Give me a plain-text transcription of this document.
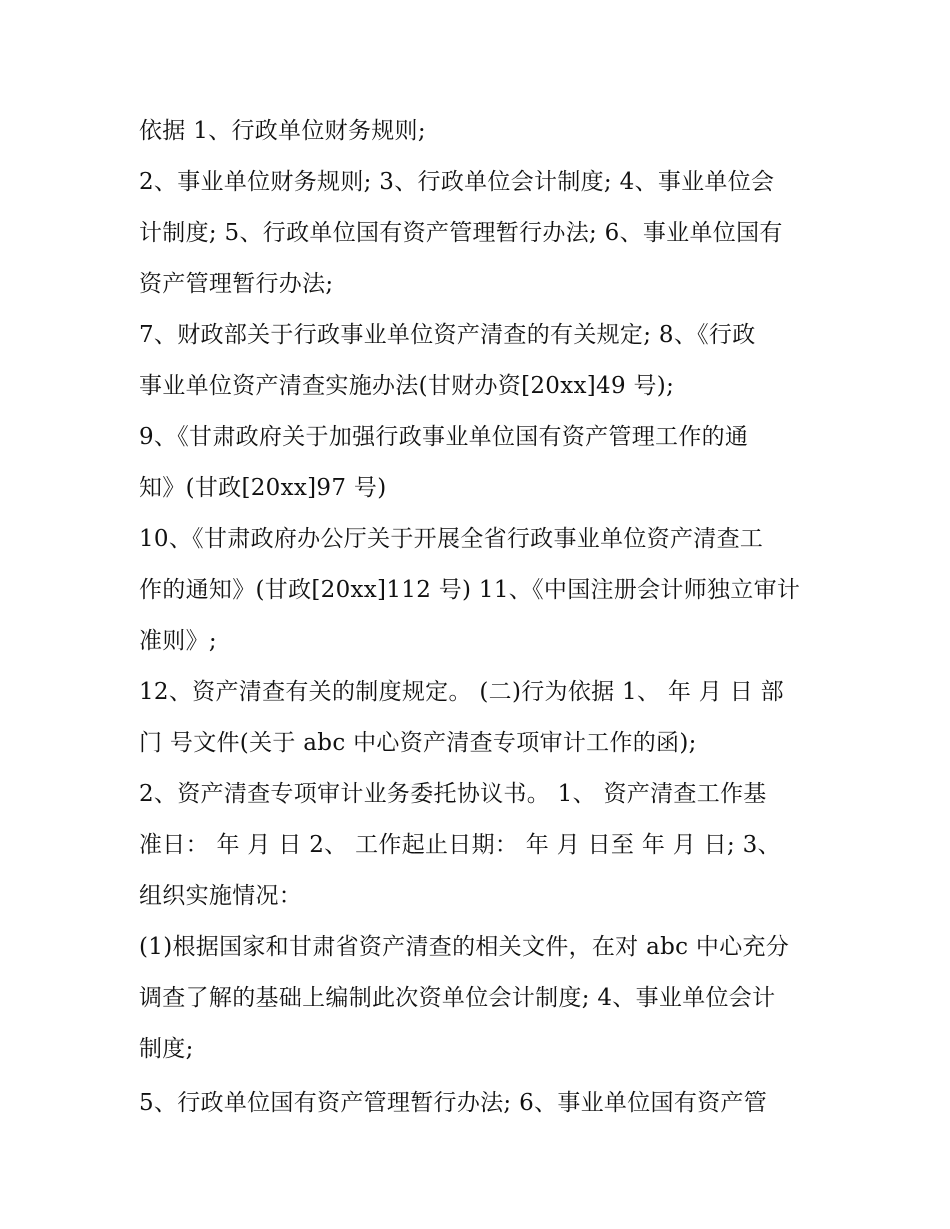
依据 1、行政单位财务规则;
2、事业单位财务规则; 3、行政单位会计制度; 4、事业单位会
计制度; 5、行政单位国有资产管理暂行办法; 6、事业单位国有
资产管理暂行办法;
7、财政部关于行政事业单位资产清查的有关规定; 8、《行政
事业单位资产清查实施办法(甘财办资[20xx]49 号);
9、《甘肃政府关于加强行政事业单位国有资产管理工作的通
知》(甘政[20xx]97 号)
10、《甘肃政府办公厅关于开展全省行政事业单位资产清查工
作的通知》(甘政[20xx]112 号) 11、《中国注册会计师独立审计
准则》;
12、资产清查有关的制度规定。 (二)行为依据 1、 年 月 日 部
门 号文件(关于 abc 中心资产清查专项审计工作的函);
2、资产清查专项审计业务委托协议书。 1、 资产清查工作基
准日： 年 月 日 2、 工作起止日期： 年 月 日至 年 月 日; 3、
组织实施情况：
(1)根据国家和甘肃省资产清查的相关文件，在对 abc 中心充分
调查了解的基础上编制此次资单位会计制度; 4、事业单位会计
制度;
5、行政单位国有资产管理暂行办法; 6、事业单位国有资产管
